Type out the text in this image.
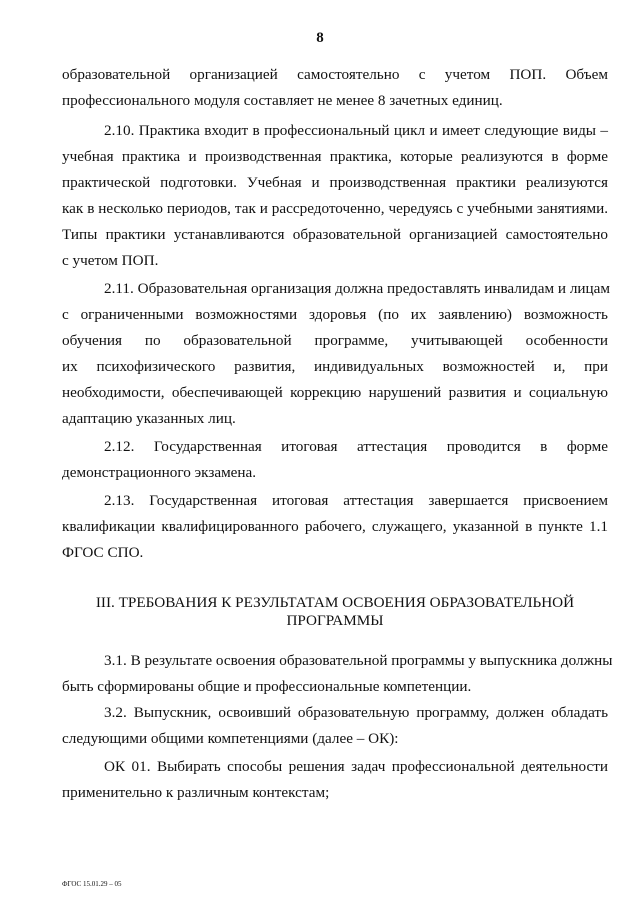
8
образовательной организацией самостоятельно с учетом ПОП. Объем
профессионального модуля составляет не менее 8 зачетных единиц.
2.10. Практика входит в профессиональный цикл и имеет следующие виды –
учебная практика и производственная практика, которые реализуются в форме
практической подготовки. Учебная и производственная практики реализуются
как в несколько периодов, так и рассредоточенно, чередуясь с учебными занятиями.
Типы практики устанавливаются образовательной организацией самостоятельно
с учетом ПОП.
2.11. Образовательная организация должна предоставлять инвалидам и лицам
с ограниченными возможностями здоровья (по их заявлению) возможность
обучения по образовательной программе, учитывающей особенности
их психофизического развития, индивидуальных возможностей и, при
необходимости, обеспечивающей коррекцию нарушений развития и социальную
адаптацию указанных лиц.
2.12. Государственная итоговая аттестация проводится в форме
демонстрационного экзамена.
2.13. Государственная итоговая аттестация завершается присвоением
квалификации квалифицированного рабочего, служащего, указанной в пункте 1.1
ФГОС СПО.
III. ТРЕБОВАНИЯ К РЕЗУЛЬТАТАМ ОСВОЕНИЯ ОБРАЗОВАТЕЛЬНОЙ
ПРОГРАММЫ
3.1. В результате освоения образовательной программы у выпускника должны
быть сформированы общие и профессиональные компетенции.
3.2. Выпускник, освоивший образовательную программу, должен обладать
следующими общими компетенциями (далее – ОК):
ОК 01. Выбирать способы решения задач профессиональной деятельности
применительно к различным контекстам;
ФГОС 15.01.29 – 05
